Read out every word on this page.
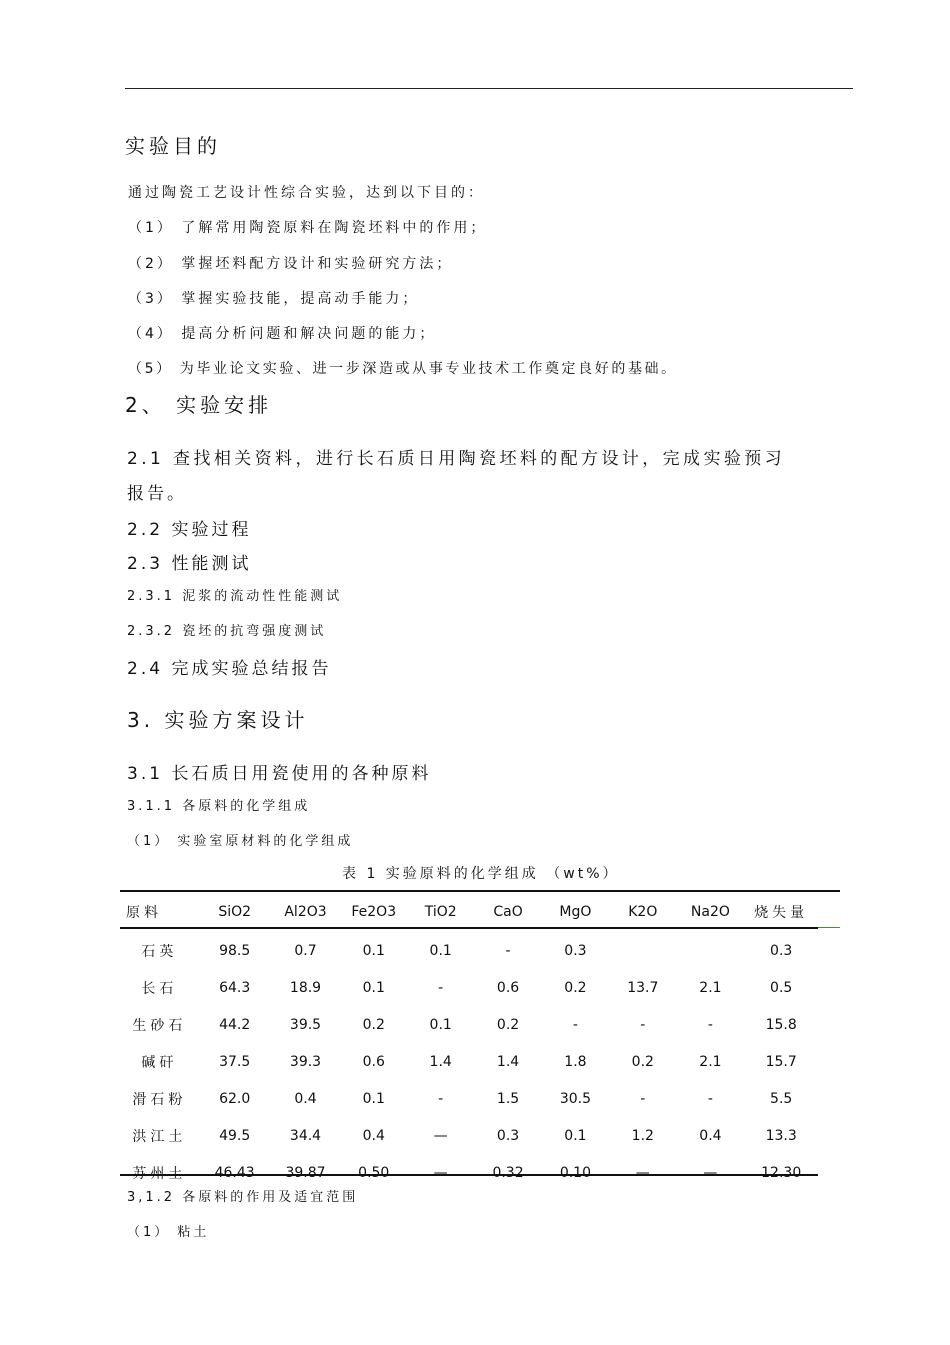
实验目的
通过陶瓷工艺设计性综合实验，达到以下目的：
（1） 了解常用陶瓷原料在陶瓷坯料中的作用；
（2） 掌握坯料配方设计和实验研究方法；
（3） 掌握实验技能，提高动手能力；
（4） 提高分析问题和解决问题的能力；
（5） 为毕业论文实验、进一步深造或从事专业技术工作奠定良好的基础。
2、 实验安排
2.1 查找相关资料，进行长石质日用陶瓷坯料的配方设计，完成实验预习
报告。
2.2 实验过程
2.3 性能测试
2.3.1 泥浆的流动性性能测试
2.3.2 瓷坯的抗弯强度测试
2.4 完成实验总结报告
3. 实验方案设计
3.1 长石质日用瓷使用的各种原料
3.1.1 各原料的化学组成
（1） 实验室原材料的化学组成
表 1 实验原料的化学组成 （wt%）
原料	SiO2	Al2O3	Fe2O3	TiO2	CaO	MgO	K2O	Na2O	烧失量
石英	98.5	0.7	0.1	0.1	-	0.3			0.3
长石	64.3	18.9	0.1	-	0.6	0.2	13.7	2.1	0.5
生砂石	44.2	39.5	0.2	0.1	0.2	-	-	-	15.8
碱矸	37.5	39.3	0.6	1.4	1.4	1.8	0.2	2.1	15.7
滑石粉	62.0	0.4	0.1	-	1.5	30.5	-	-	5.5
洪江土	49.5	34.4	0.4	—	0.3	0.1	1.2	0.4	13.3
苏州土	46.43	39.87	0.50	—	0.32	0.10	—	—	12.30
3,1.2 各原料的作用及适宜范围
（1） 粘土
